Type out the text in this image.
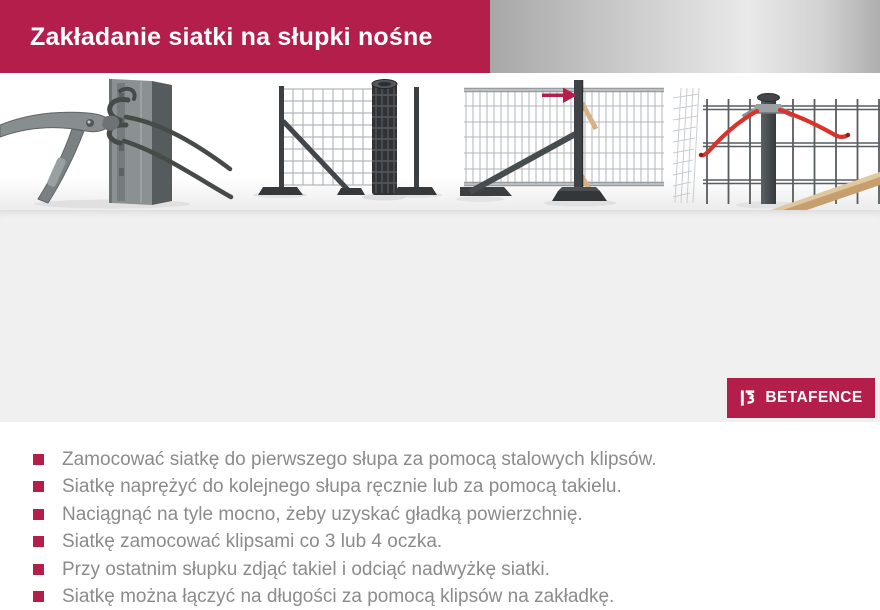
Zakładanie siatki na słupki nośne
Zamocować siatkę do pierwszego słupa za pomocą stalowych klipsów.
Siatkę naprężyć do kolejnego słupa ręcznie lub za pomocą takielu.
Naciągnąć na tyle mocno, żeby uzyskać gładką powierzchnię.
Siatkę zamocować klipsami co 3 lub 4 oczka.
Przy ostatnim słupku zdjąć takiel i odciąć nadwyżkę siatki.
Siatkę można łączyć na długości za pomocą klipsów na zakładkę.
BETAFENCE
